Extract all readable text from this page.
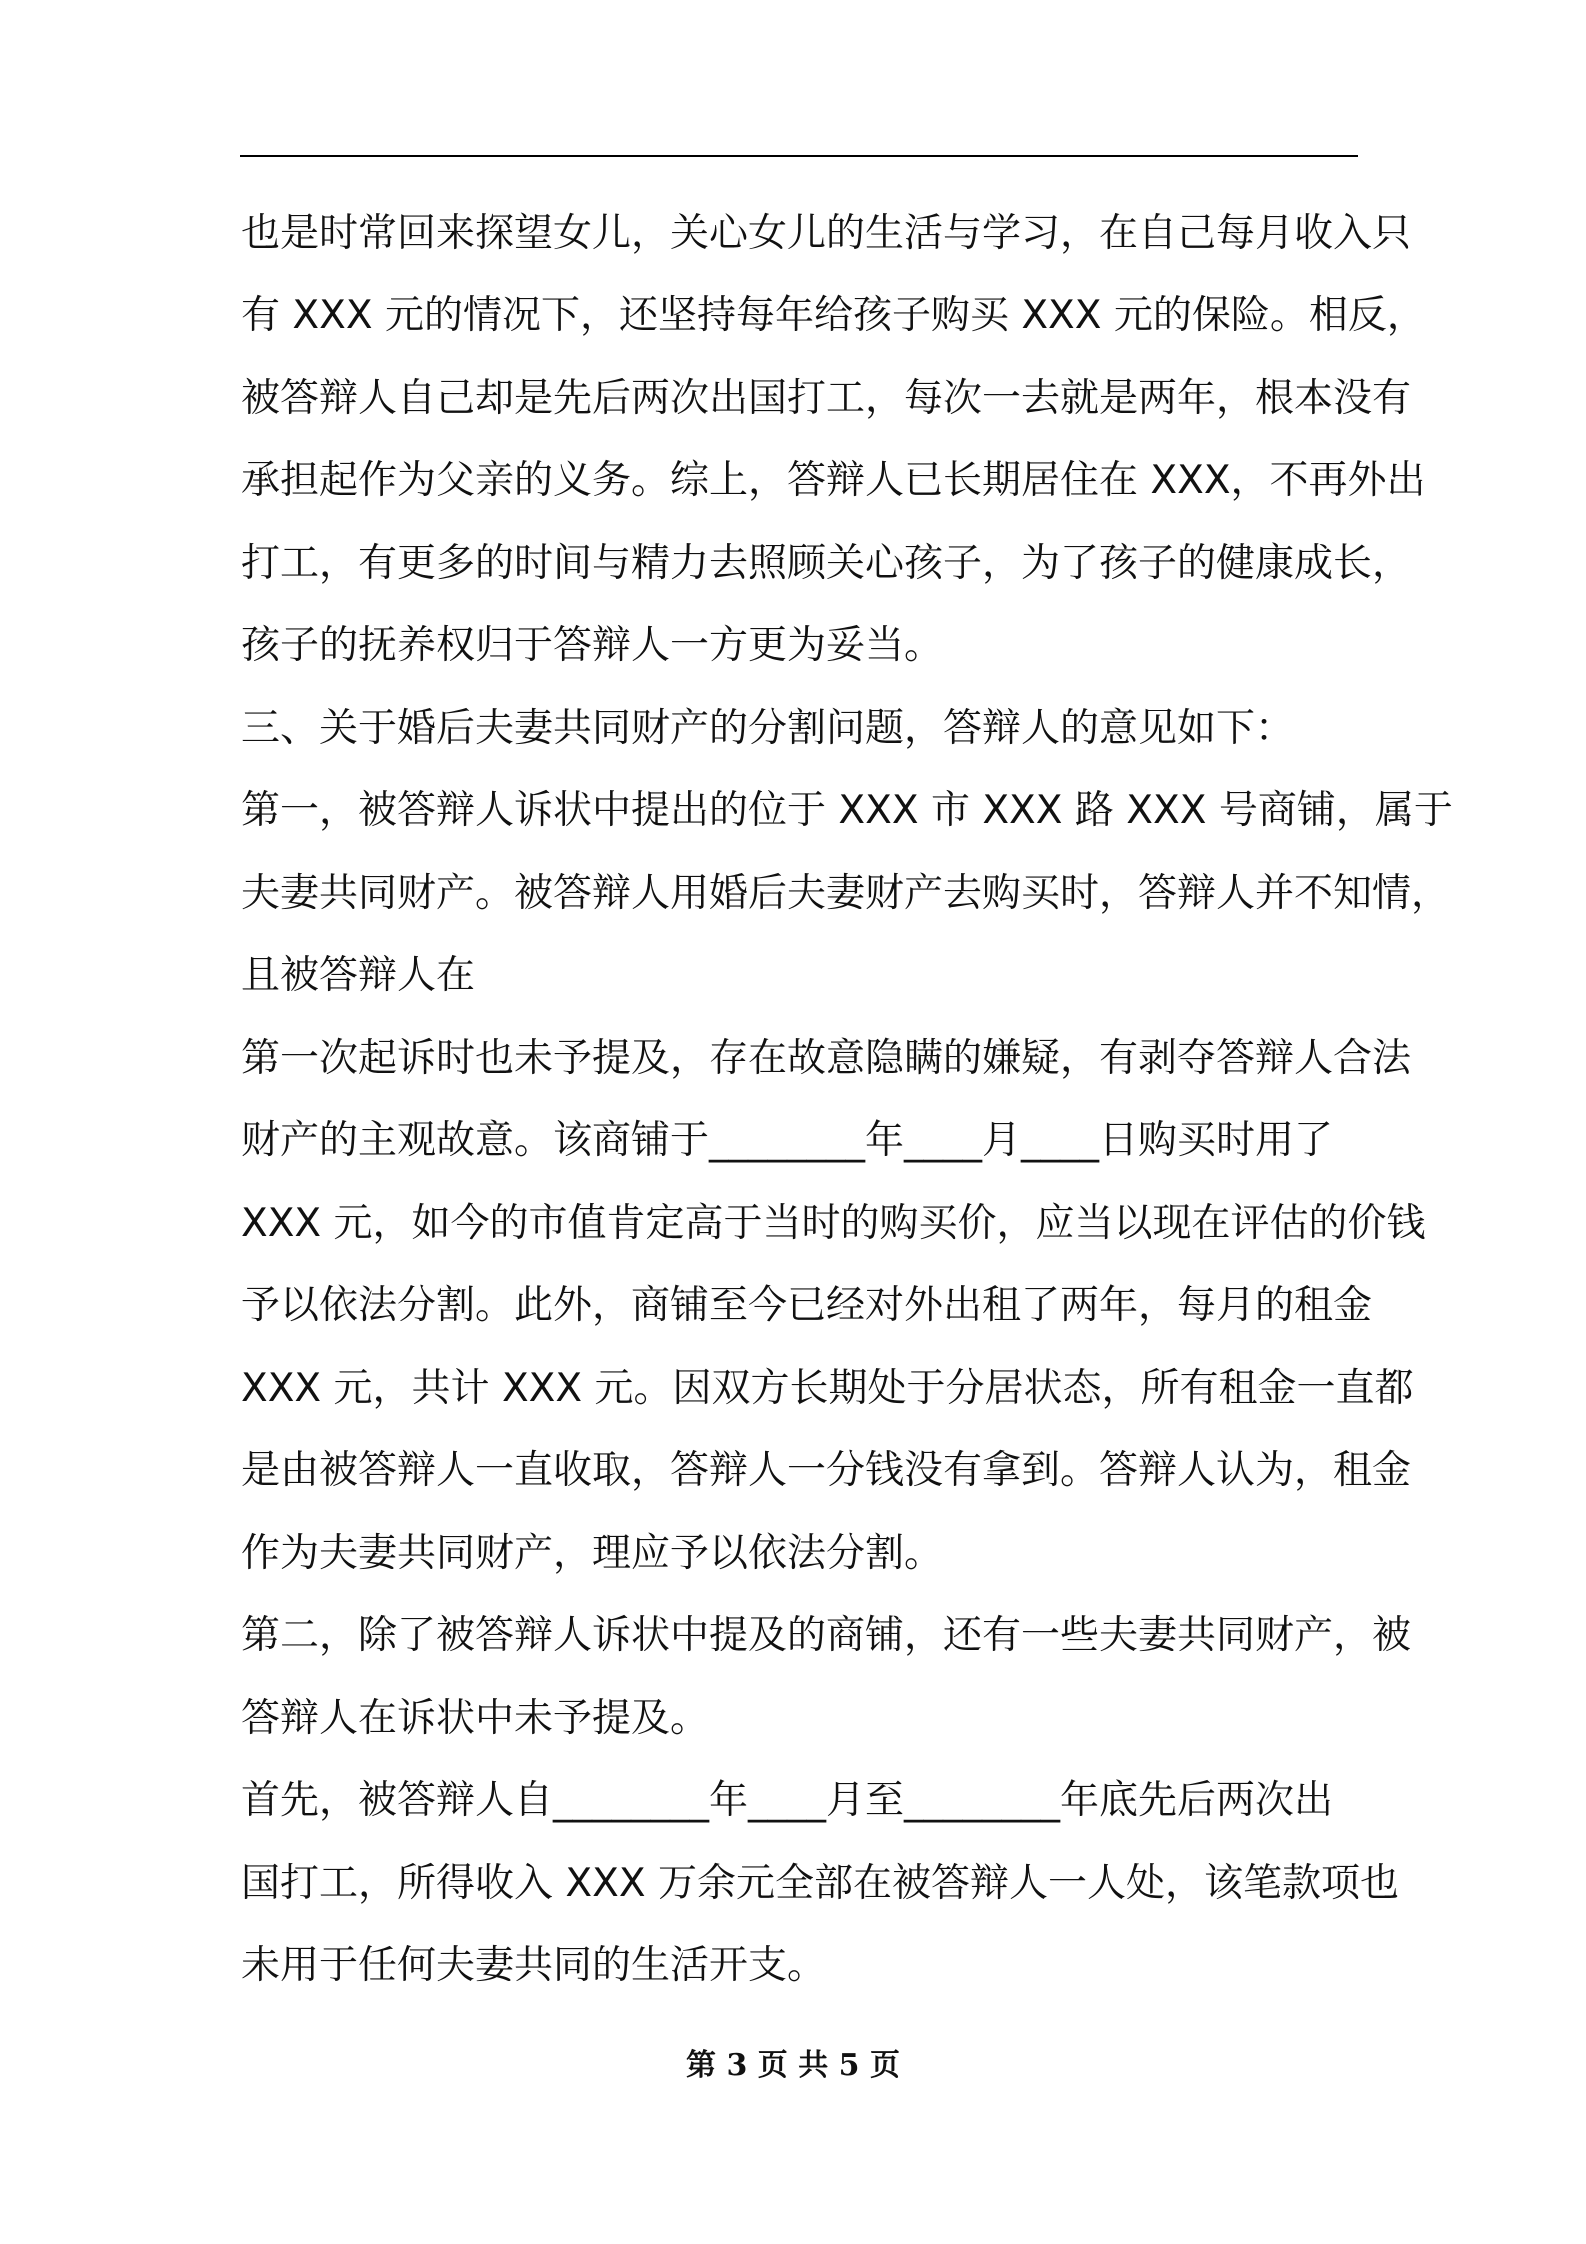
也是时常回来探望女儿，关心女儿的生活与学习，在自己每月收入只
有 XXX 元的情况下，还坚持每年给孩子购买 XXX 元的保险。相反，
被答辩人自己却是先后两次出国打工，每次一去就是两年，根本没有
承担起作为父亲的义务。综上，答辩人已长期居住在 XXX，不再外出
打工，有更多的时间与精力去照顾关心孩子，为了孩子的健康成长，
孩子的抚养权归于答辩人一方更为妥当。
三、关于婚后夫妻共同财产的分割问题，答辩人的意见如下：
第一，被答辩人诉状中提出的位于 XXX 市 XXX 路 XXX 号商铺，属于
夫妻共同财产。被答辩人用婚后夫妻财产去购买时，答辩人并不知情，
且被答辩人在
第一次起诉时也未予提及，存在故意隐瞒的嫌疑，有剥夺答辩人合法
财产的主观故意。该商铺于________年____月____日购买时用了
XXX 元，如今的市值肯定高于当时的购买价，应当以现在评估的价钱
予以依法分割。此外，商铺至今已经对外出租了两年，每月的租金
XXX 元，共计 XXX 元。因双方长期处于分居状态，所有租金一直都
是由被答辩人一直收取，答辩人一分钱没有拿到。答辩人认为，租金
作为夫妻共同财产，理应予以依法分割。
第二，除了被答辩人诉状中提及的商铺，还有一些夫妻共同财产，被
答辩人在诉状中未予提及。
首先，被答辩人自________年____月至________年底先后两次出
国打工，所得收入 XXX 万余元全部在被答辩人一人处，该笔款项也
未用于任何夫妻共同的生活开支。
第 3 页 共 5 页
